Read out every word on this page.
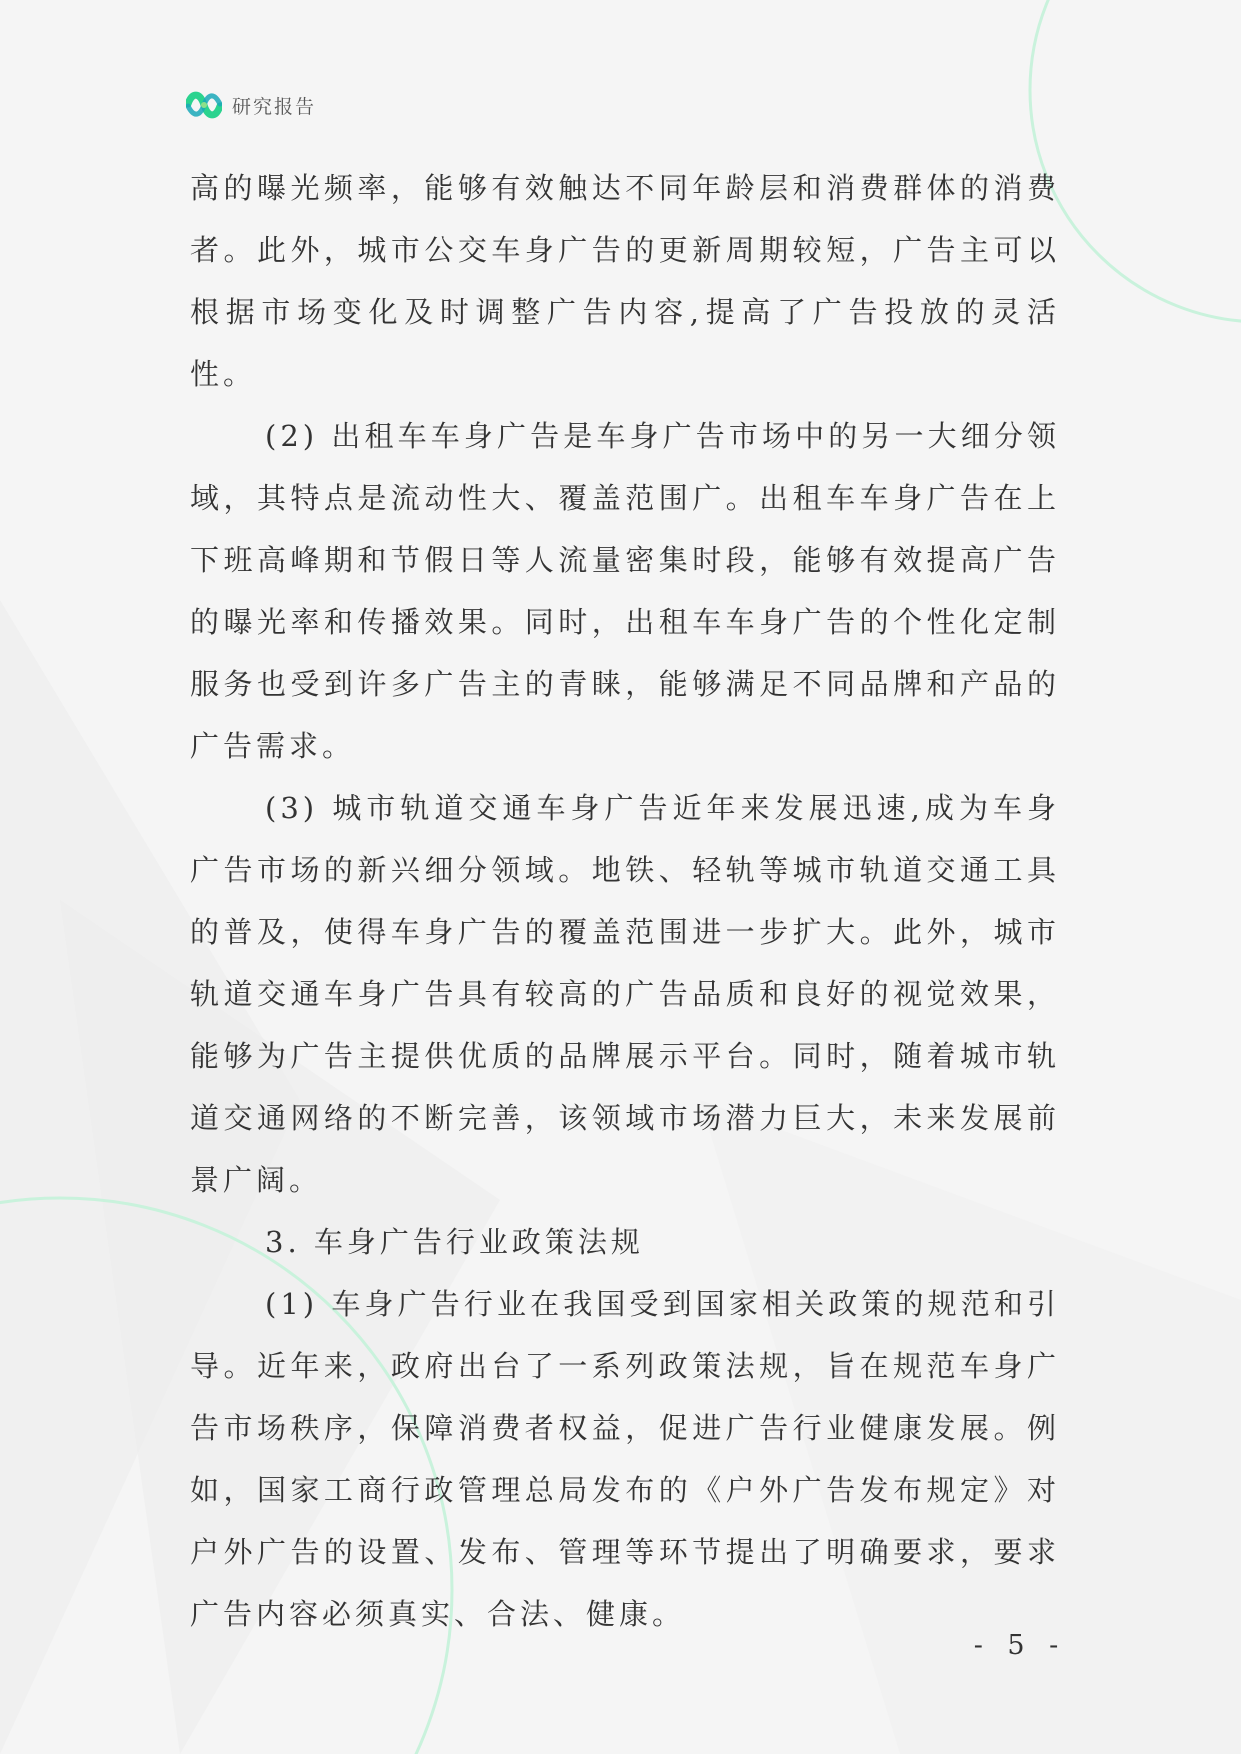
研究报告

高的曝光频率，能够有效触达不同年龄层和消费群体的消费者。此外，城市公交车身广告的更新周期较短，广告主可以根据市场变化及时调整广告内容,提高了广告投放的灵活性。

(2) 出租车车身广告是车身广告市场中的另一大细分领域，其特点是流动性大、覆盖范围广。出租车车身广告在上下班高峰期和节假日等人流量密集时段，能够有效提高广告的曝光率和传播效果。同时，出租车车身广告的个性化定制服务也受到许多广告主的青睐，能够满足不同品牌和产品的广告需求。

(3) 城市轨道交通车身广告近年来发展迅速,成为车身广告市场的新兴细分领域。地铁、轻轨等城市轨道交通工具的普及，使得车身广告的覆盖范围进一步扩大。此外，城市轨道交通车身广告具有较高的广告品质和良好的视觉效果，能够为广告主提供优质的品牌展示平台。同时，随着城市轨道交通网络的不断完善，该领域市场潜力巨大，未来发展前景广阔。

3. 车身广告行业政策法规

(1) 车身广告行业在我国受到国家相关政策的规范和引导。近年来，政府出台了一系列政策法规，旨在规范车身广告市场秩序，保障消费者权益，促进广告行业健康发展。例如，国家工商行政管理总局发布的《户外广告发布规定》对户外广告的设置、发布、管理等环节提出了明确要求，要求广告内容必须真实、合法、健康。

- 5 -
